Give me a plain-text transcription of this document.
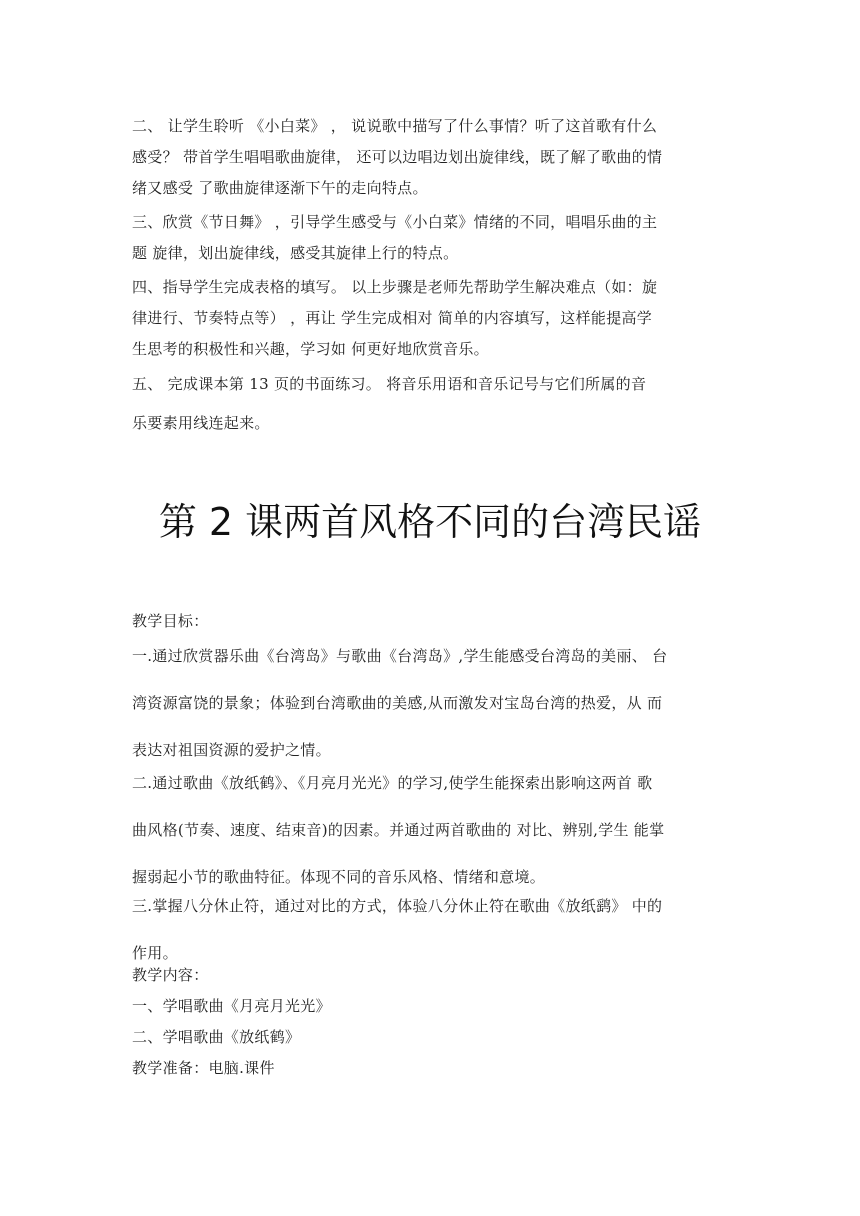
二、 让学生聆听 《小白菜》 ， 说说歌中描写了什么事情？听了这首歌有什么
感受？ 带首学生唱唱歌曲旋律， 还可以边唱边划出旋律线，既了解了歌曲的情
绪又感受 了歌曲旋律逐渐下午的走向特点。
三、欣赏《节日舞》 ，引导学生感受与《小白菜》情绪的不同，唱唱乐曲的主
题 旋律，划出旋律线，感受其旋律上行的特点。
四、指导学生完成表格的填写。 以上步骤是老师先帮助学生解决难点（如：旋
律进行、节奏特点等） ，再让 学生完成相对 简单的内容填写，这样能提高学
生思考的积极性和兴趣，学习如 何更好地欣赏音乐。
五、 完成课本第 13 页的书面练习。 将音乐用语和音乐记号与它们所属的音
乐要素用线连起来。
第 2 课两首风格不同的台湾民谣
教学目标：
一.通过欣赏器乐曲《台湾岛》与歌曲《台湾岛》,学生能感受台湾岛的美丽、 台
湾资源富饶的景象；体验到台湾歌曲的美感,从而激发对宝岛台湾的热爱，从 而
表达对祖国资源的爱护之情。
二.通过歌曲《放纸鹤》、《月亮月光光》的学习,使学生能探索出影响这两首 歌
曲风格(节奏、速度、结束音)的因素。并通过两首歌曲的 对比、辨别,学生 能掌
握弱起小节的歌曲特征。体现不同的音乐风格、情绪和意境。
三.掌握八分休止符，通过对比的方式，体验八分休止符在歌曲《放纸鹞》 中的
作用。
教学内容：
一、学唱歌曲《月亮月光光》
二、学唱歌曲《放纸鹤》
教学准备：电脑.课件
